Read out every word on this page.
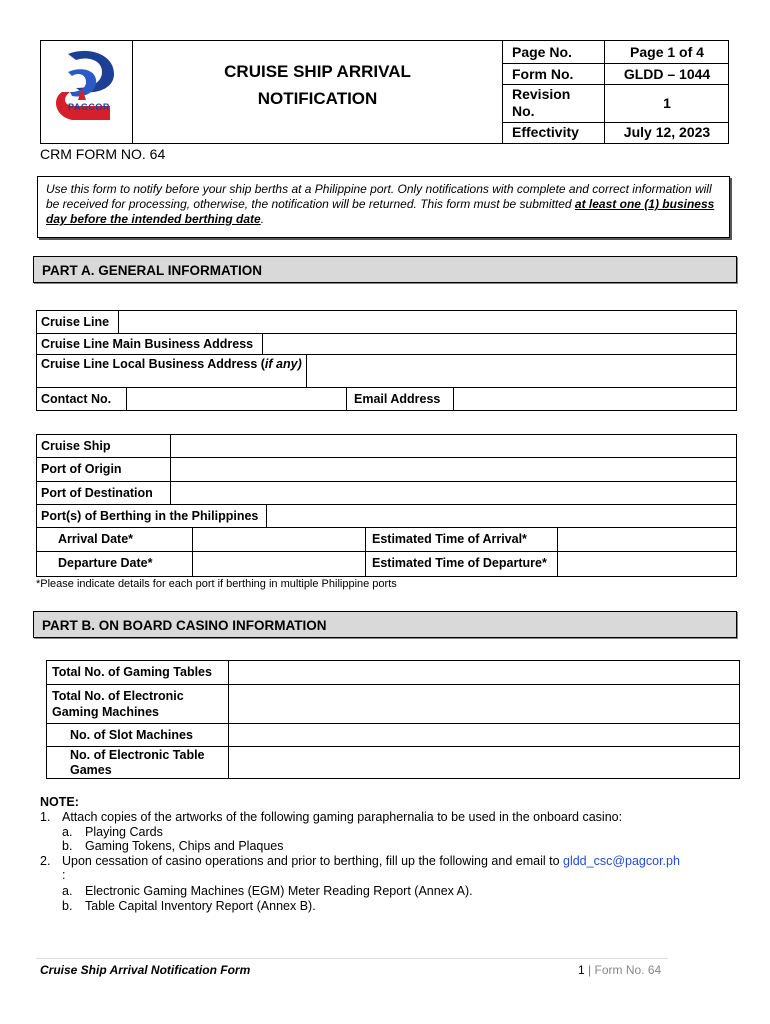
PAGCOR
CRUISE SHIP ARRIVAL
NOTIFICATION
Page No.	Page 1 of 4
Form No.	GLDD – 1044
Revision
No.	1
Effectivity	July 12, 2023
CRM FORM NO. 64
Use this form to notify before your ship berths at a Philippine port. Only notifications with complete and correct information will be received for processing, otherwise, the notification will be returned. This form must be submitted at least one (1) business day before the intended berthing date.
PART A. GENERAL INFORMATION
Cruise Line
Cruise Line Main Business Address
Cruise Line Local Business Address (if any)
Contact No.	Email Address
Cruise Ship
Port of Origin
Port of Destination
Port(s) of Berthing in the Philippines
Arrival Date*	Estimated Time of Arrival*
Departure Date*	Estimated Time of Departure*
*Please indicate details for each port if berthing in multiple Philippine ports
PART B. ON BOARD CASINO INFORMATION
Total No. of Gaming Tables
Total No. of Electronic
Gaming Machines
No. of Slot Machines
No. of Electronic Table
Games
NOTE:
1. Attach copies of the artworks of the following gaming paraphernalia to be used in the onboard casino:
a. Playing Cards
b. Gaming Tokens, Chips and Plaques
2. Upon cessation of casino operations and prior to berthing, fill up the following and email to gldd_csc@pagcor.ph
:
a. Electronic Gaming Machines (EGM) Meter Reading Report (Annex A).
b. Table Capital Inventory Report (Annex B).
Cruise Ship Arrival Notification Form	1 | Form No. 64
